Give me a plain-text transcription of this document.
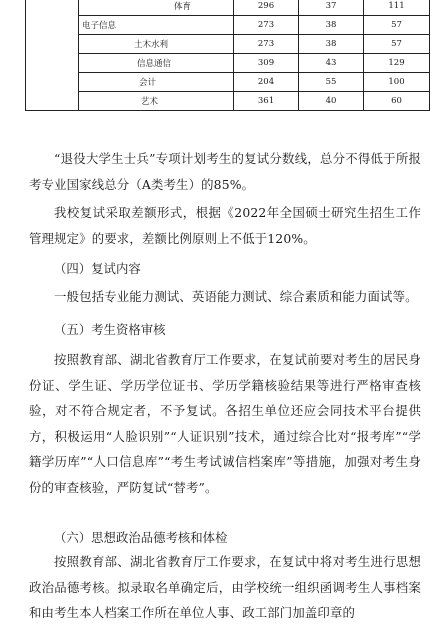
	体育	296	37	111
	电子信息	273	38	57
	土木水利	273	38	57
	信息通信	309	43	129
	会计	204	55	100
	艺术	361	40	60

“退役大学生士兵”专项计划考生的复试分数线，总分不得低于所报考专业国家线总分（A类考生）的85%。

我校复试采取差额形式，根据《2022年全国硕士研究生招生工作管理规定》的要求，差额比例原则上不低于120%。

（四）复试内容

一般包括专业能力测试、英语能力测试、综合素质和能力面试等。

（五）考生资格审核

按照教育部、湖北省教育厅工作要求，在复试前要对考生的居民身份证、学生证、学历学位证书、学历学籍核验结果等进行严格审查核验，对不符合规定者，不予复试。各招生单位还应会同技术平台提供方，积极运用“人脸识别”“人证识别”技术，通过综合比对“报考库”“学籍学历库”“人口信息库”“考生考试诚信档案库”等措施，加强对考生身份的审查核验，严防复试“替考”。

（六）思想政治品德考核和体检

按照教育部、湖北省教育厅工作要求，在复试中将对考生进行思想政治品德考核。拟录取名单确定后，由学校统一组织函调考生人事档案和由考生本人档案工作所在单位人事、政工部门加盖印章的
